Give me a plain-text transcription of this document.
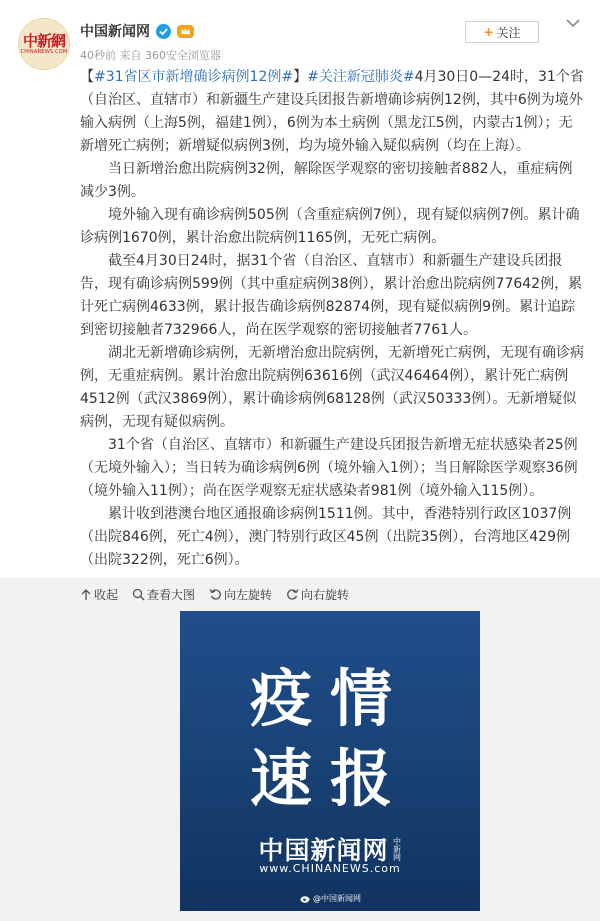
中新網
CHINANEWS.COM
中国新闻网
40秒前 来自 360安全浏览器
+ 关注

【#31省区市新增确诊病例12例#】#关注新冠肺炎#4月30日0—24时，31个省（自治区、直辖市）和新疆生产建设兵团报告新增确诊病例12例，其中6例为境外输入病例（上海5例，福建1例），6例为本土病例（黑龙江5例，内蒙古1例）；无新增死亡病例；新增疑似病例3例，均为境外输入疑似病例（均在上海）。

当日新增治愈出院病例32例，解除医学观察的密切接触者882人，重症病例减少3例。

境外输入现有确诊病例505例（含重症病例7例），现有疑似病例7例。累计确诊病例1670例，累计治愈出院病例1165例，无死亡病例。

截至4月30日24时，据31个省（自治区、直辖市）和新疆生产建设兵团报告，现有确诊病例599例（其中重症病例38例），累计治愈出院病例77642例，累计死亡病例4633例，累计报告确诊病例82874例，现有疑似病例9例。累计追踪到密切接触者732966人，尚在医学观察的密切接触者7761人。

湖北无新增确诊病例，无新增治愈出院病例，无新增死亡病例，无现有确诊病例，无重症病例。累计治愈出院病例63616例（武汉46464例），累计死亡病例4512例（武汉3869例），累计确诊病例68128例（武汉50333例）。无新增疑似病例，无现有疑似病例。

31个省（自治区、直辖市）和新疆生产建设兵团报告新增无症状感染者25例（无境外输入）；当日转为确诊病例6例（境外输入1例）；当日解除医学观察36例（境外输入11例）；尚在医学观察无症状感染者981例（境外输入115例）。

累计收到港澳台地区通报确诊病例1511例。其中，香港特别行政区1037例（出院846例，死亡4例），澳门特别行政区45例（出院35例），台湾地区429例（出院322例，死亡6例）。

收起 查看大图 向左旋转 向右旋转
疫情
速报
中国新闻网 中新网
www.CHINANEWS.com
@中国新闻网
